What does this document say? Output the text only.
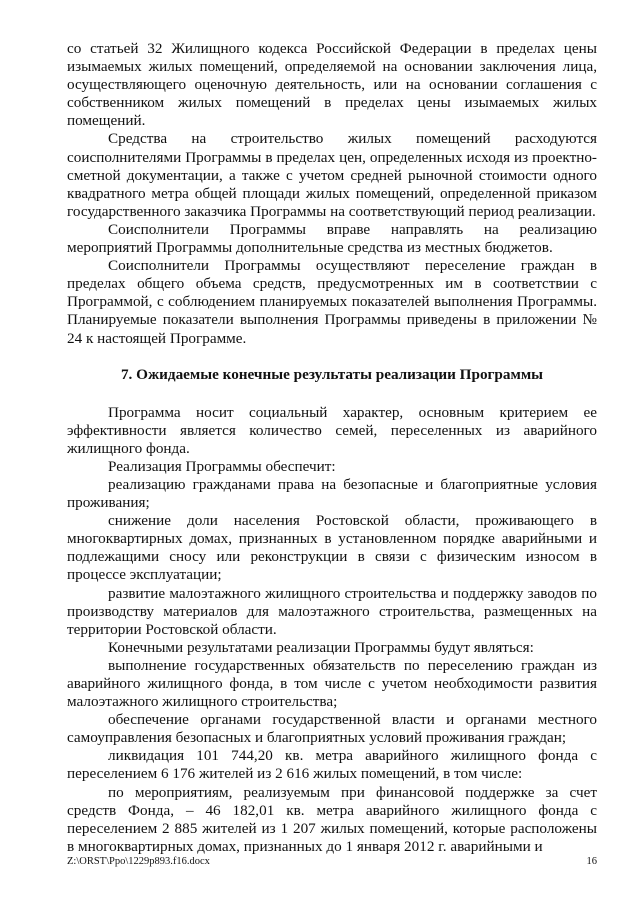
со статьей 32 Жилищного кодекса Российской Федерации в пределах цены изымаемых жилых помещений, определяемой на основании заключения лица, осуществляющего оценочную деятельность, или на основании соглашения с собственником жилых помещений в пределах цены изымаемых жилых помещений.

Средства на строительство жилых помещений расходуются соисполнителями Программы в пределах цен, определенных исходя из проектно-сметной документации, а также с учетом средней рыночной стоимости одного квадратного метра общей площади жилых помещений, определенной приказом государственного заказчика Программы на соответствующий период реализации.

Соисполнители Программы вправе направлять на реализацию мероприятий Программы дополнительные средства из местных бюджетов.

Соисполнители Программы осуществляют переселение граждан в пределах общего объема средств, предусмотренных им в соответствии с Программой, с соблюдением планируемых показателей выполнения Программы. Планируемые показатели выполнения Программы приведены в приложении № 24 к настоящей Программе.

7. Ожидаемые конечные результаты реализации Программы

Программа носит социальный характер, основным критерием ее эффективности является количество семей, переселенных из аварийного жилищного фонда.

Реализация Программы обеспечит:

реализацию гражданами права на безопасные и благоприятные условия проживания;

снижение доли населения Ростовской области, проживающего в многоквартирных домах, признанных в установленном порядке аварийными и подлежащими сносу или реконструкции в связи с физическим износом в процессе эксплуатации;

развитие малоэтажного жилищного строительства и поддержку заводов по производству материалов для малоэтажного строительства, размещенных на территории Ростовской области.

Конечными результатами реализации Программы будут являться:

выполнение государственных обязательств по переселению граждан из аварийного жилищного фонда, в том числе с учетом необходимости развития малоэтажного жилищного строительства;

обеспечение органами государственной власти и органами местного самоуправления безопасных и благоприятных условий проживания граждан;

ликвидация 101 744,20 кв. метра аварийного жилищного фонда с переселением 6 176 жителей из 2 616 жилых помещений, в том числе:

по мероприятиям, реализуемым при финансовой поддержке за счет средств Фонда, – 46 182,01 кв. метра аварийного жилищного фонда с переселением 2 885 жителей из 1 207 жилых помещений, которые расположены в многоквартирных домах, признанных до 1 января 2012 г. аварийными и

Z:\ORST\Ppo\1229p893.f16.docx	16
